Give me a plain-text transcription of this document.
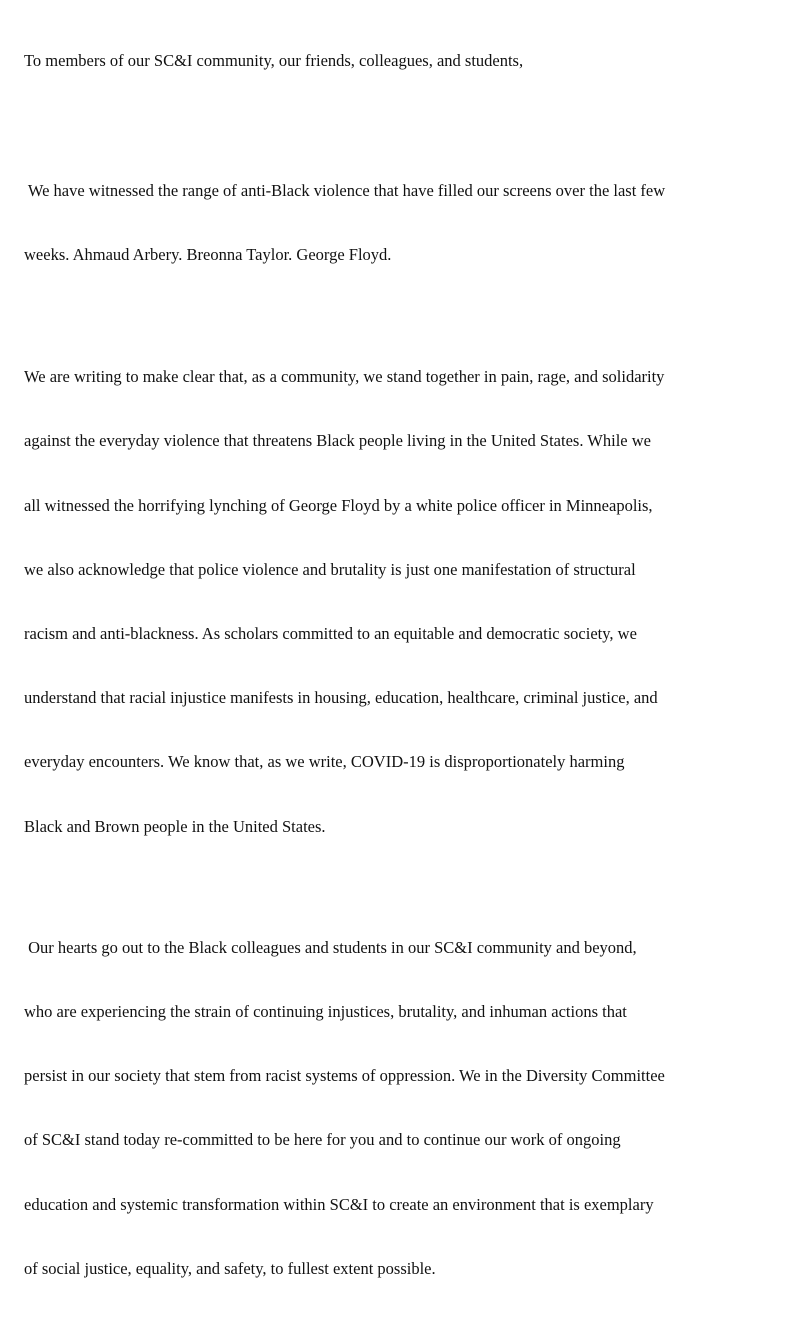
To members of our SC&I community, our friends, colleagues, and students,

We have witnessed the range of anti-Black violence that have filled our screens over the last few

weeks. Ahmaud Arbery. Breonna Taylor. George Floyd.

We are writing to make clear that, as a community, we stand together in pain, rage, and solidarity

against the everyday violence that threatens Black people living in the United States. While we

all witnessed the horrifying lynching of George Floyd by a white police officer in Minneapolis,

we also acknowledge that police violence and brutality is just one manifestation of structural

racism and anti-blackness. As scholars committed to an equitable and democratic society, we

understand that racial injustice manifests in housing, education, healthcare, criminal justice, and

everyday encounters. We know that, as we write, COVID-19 is disproportionately harming

Black and Brown people in the United States.

Our hearts go out to the Black colleagues and students in our SC&I community and beyond,

who are experiencing the strain of continuing injustices, brutality, and inhuman actions that

persist in our society that stem from racist systems of oppression. We in the Diversity Committee

of SC&I stand today re-committed to be here for you and to continue our work of ongoing

education and systemic transformation within SC&I to create an environment that is exemplary

of social justice, equality, and safety, to fullest extent possible.
